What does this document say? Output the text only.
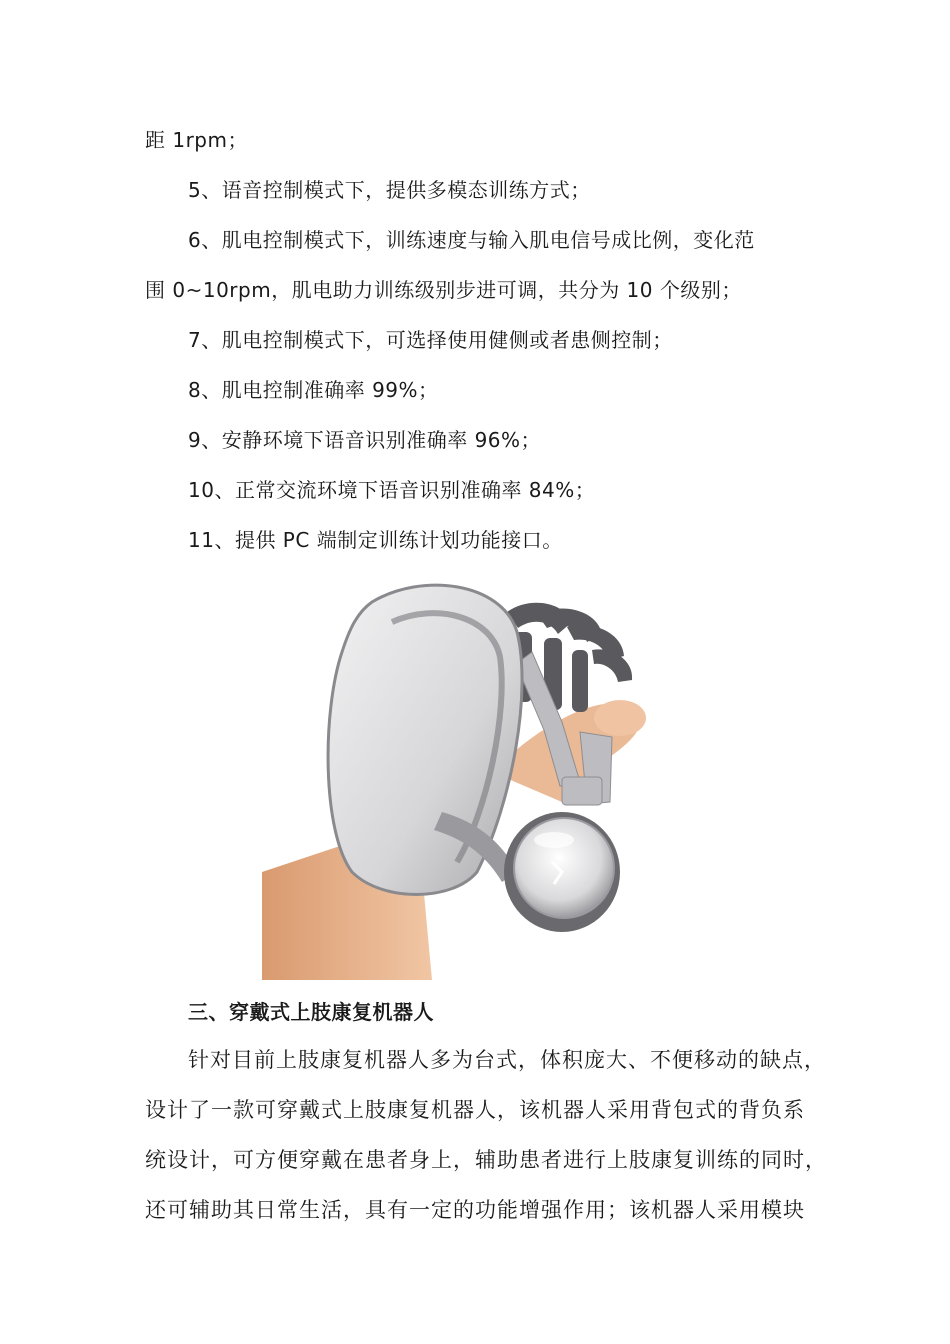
距 1rpm；
5、语音控制模式下，提供多模态训练方式；
6、肌电控制模式下，训练速度与输入肌电信号成比例，变化范
围 0~10rpm，肌电助力训练级别步进可调，共分为 10 个级别；
7、肌电控制模式下，可选择使用健侧或者患侧控制；
8、肌电控制准确率 99%；
9、安静环境下语音识别准确率 96%；
10、正常交流环境下语音识别准确率 84%；
11、提供 PC 端制定训练计划功能接口。
三、穿戴式上肢康复机器人
针对目前上肢康复机器人多为台式，体积庞大、不便移动的缺点，
设计了一款可穿戴式上肢康复机器人，该机器人采用背包式的背负系
统设计，可方便穿戴在患者身上，辅助患者进行上肢康复训练的同时，
还可辅助其日常生活，具有一定的功能增强作用；该机器人采用模块
